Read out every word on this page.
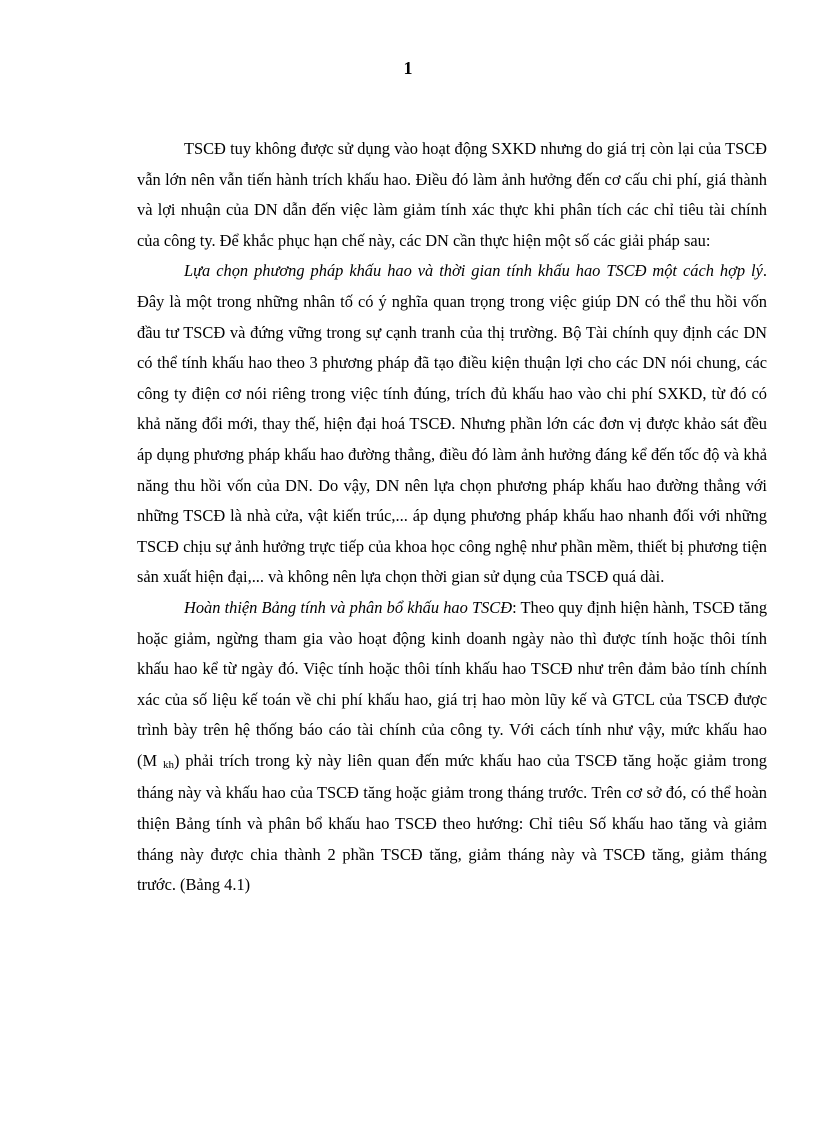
1

TSCĐ tuy không được sử dụng vào hoạt động SXKD nhưng do giá trị còn lại của TSCĐ vẫn lớn nên vẫn tiến hành trích khấu hao. Điều đó làm ảnh hưởng đến cơ cấu chi phí, giá thành và lợi nhuận của DN dẫn đến việc làm giảm tính xác thực khi phân tích các chỉ tiêu tài chính của công ty. Để khắc phục hạn chế này, các DN cần thực hiện một số các giải pháp sau:

Lựa chọn phương pháp khấu hao và thời gian tính khấu hao TSCĐ một cách hợp lý. Đây là một trong những nhân tố có ý nghĩa quan trọng trong việc giúp DN có thể thu hồi vốn đầu tư TSCĐ và đứng vững trong sự cạnh tranh của thị trường. Bộ Tài chính quy định các DN có thể tính khấu hao theo 3 phương pháp đã tạo điều kiện thuận lợi cho các DN nói chung, các công ty điện cơ nói riêng trong việc tính đúng, trích đủ khấu hao vào chi phí SXKD, từ đó có khả năng đổi mới, thay thế, hiện đại hoá TSCĐ. Nhưng phần lớn các đơn vị được khảo sát đều áp dụng phương pháp khấu hao đường thẳng, điều đó làm ảnh hưởng đáng kể đến tốc độ và khả năng thu hồi vốn của DN. Do vậy, DN nên lựa chọn phương pháp khấu hao đường thẳng với những TSCĐ là nhà cửa, vật kiến trúc,... áp dụng phương pháp khấu hao nhanh đối với những TSCĐ chịu sự ảnh hưởng trực tiếp của khoa học công nghệ như phần mềm, thiết bị phương tiện sản xuất hiện đại,... và không nên lựa chọn thời gian sử dụng của TSCĐ quá dài.

Hoàn thiện Bảng tính và phân bổ khấu hao TSCĐ: Theo quy định hiện hành, TSCĐ tăng hoặc giảm, ngừng tham gia vào hoạt động kinh doanh ngày nào thì được tính hoặc thôi tính khấu hao kể từ ngày đó. Việc tính hoặc thôi tính khấu hao TSCĐ như trên đảm bảo tính chính xác của số liệu kế toán về chi phí khấu hao, giá trị hao mòn lũy kế và GTCL của TSCĐ được trình bày trên hệ thống báo cáo tài chính của công ty. Với cách tính như vậy, mức khấu hao (M kh) phải trích trong kỳ này liên quan đến mức khấu hao của TSCĐ tăng hoặc giảm trong tháng này và khấu hao của TSCĐ tăng hoặc giảm trong tháng trước. Trên cơ sở đó, có thể hoàn thiện Bảng tính và phân bổ khấu hao TSCĐ theo hướng: Chỉ tiêu Số khấu hao tăng và giảm tháng này được chia thành 2 phần TSCĐ tăng, giảm tháng này và TSCĐ tăng, giảm tháng trước. (Bảng 4.1)
